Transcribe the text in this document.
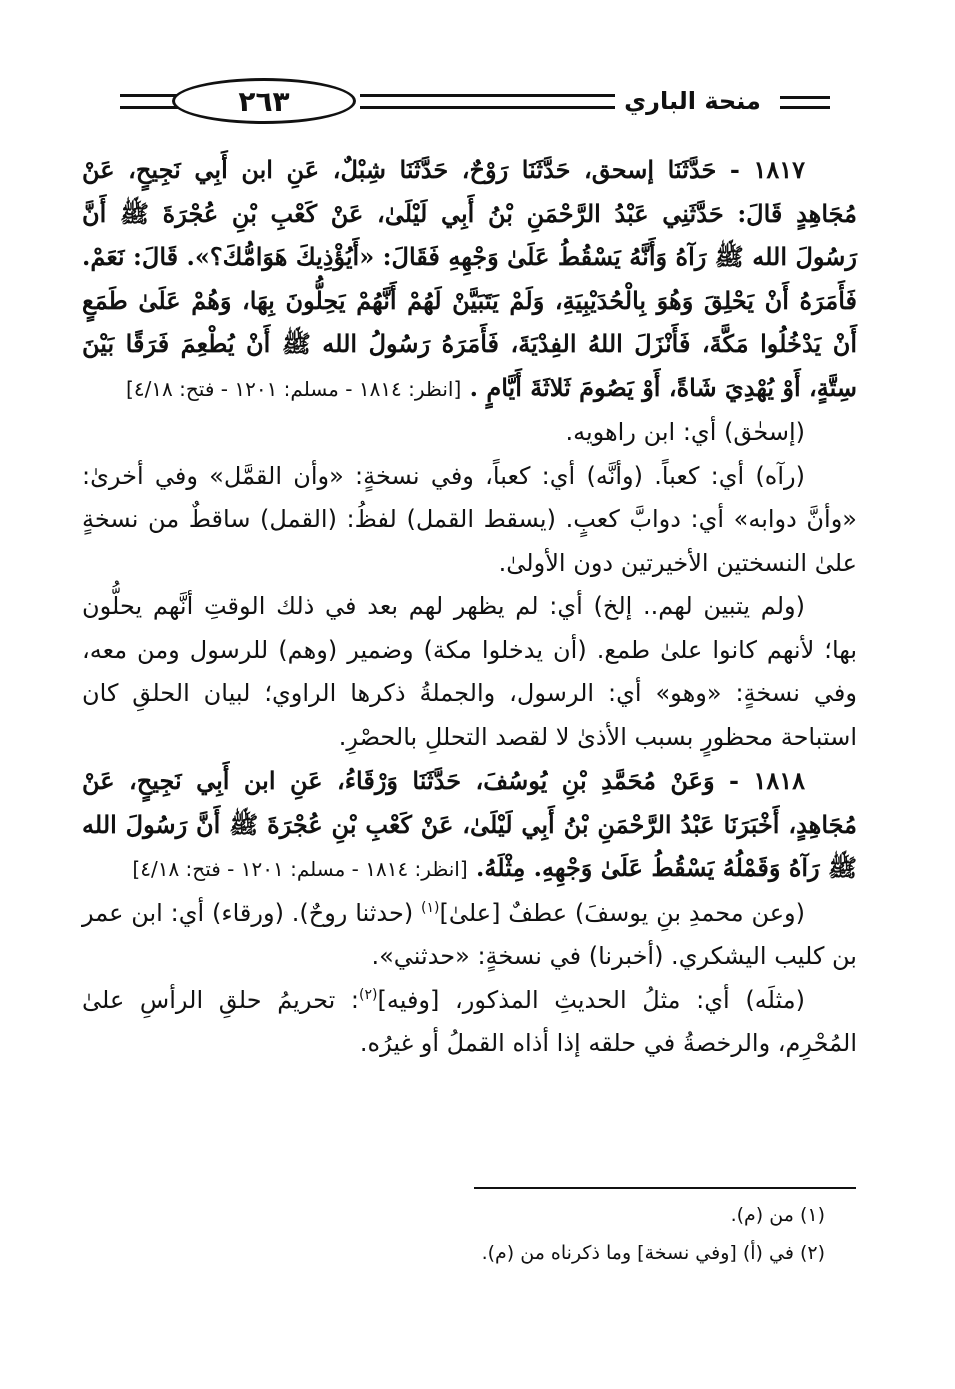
٢٦٣	منحة الباري

١٨١٧ - حَدَّثَنَا إسحق، حَدَّثَنَا رَوْحٌ، حَدَّثَنَا شِبْلٌ، عَنِ ابن أَبِي نَجِيحٍ، عَنْ مُجَاهِدٍ قَالَ: حَدَّثَنِي عَبْدُ الرَّحْمَنِ بْنُ أَبِي لَيْلَىٰ، عَنْ كَعْبِ بْنِ عُجْرَةَ ﷺ أَنَّ رَسُولَ الله ﷺ رَآهُ وَأَنَّهُ يَسْقُطُ عَلَىٰ وَجْهِهِ فَقَالَ: «أَيُؤْذِيكَ هَوَامُّكَ؟». قَالَ: نَعَمْ. فَأَمَرَهُ أَنْ يَحْلِقَ وَهُوَ بِالْحُدَيْبِيَةِ، وَلَمْ يَتَبَيَّنْ لَهُمْ أَنَّهُمْ يَحِلُّونَ بِهَا، وَهُمْ عَلَىٰ طَمَعٍ أَنْ يَدْخُلُوا مَكَّةَ، فَأَنْزَلَ اللهُ الفِدْيَةَ، فَأَمَرَهُ رَسُولُ الله ﷺ أَنْ يُطْعِمَ فَرَقًا بَيْنَ سِتَّةٍ، أَوْ يُهْدِيَ شَاةً، أَوْ يَصُومَ ثَلاثَةَ أَيَّامٍ . [انظر: ١٨١٤ - مسلم: ١٢٠١ - فتح: ٤/١٨]

(إسحٰق) أي: ابن راهويه.

(رآه) أي: كعباً. (وأنَّه) أي: كعباً، وفي نسخةٍ: «وأن القمَّل» وفي أخرىٰ: «وأنَّ دوابه» أي: دوابَّ كعبٍ. (يسقط القمل) لفظُ: (القمل) ساقطٌ من نسخةٍ علىٰ النسختين الأخيرتين دون الأولىٰ.

(ولم يتبين لهم.. إلخ) أي: لم يظهر لهم بعد في ذلك الوقتِ أنَّهم يحلُّون بها؛ لأنهم كانوا علىٰ طمع. (أن يدخلوا مكة) وضمير (وهم) للرسول ومن معه، وفي نسخةٍ: «وهو» أي: الرسول، والجملةُ ذكرها الراوي؛ لبيان الحلقِ كان استباحة محظورٍ بسبب الأذىٰ لا لقصد التحللِ بالحصْرِ.

١٨١٨ - وَعَنْ مُحَمَّدِ بْنِ يُوسُفَ، حَدَّثَنَا وَرْقَاءُ، عَنِ ابن أَبِي نَجِيحٍ، عَنْ مُجَاهِدٍ، أَخْبَرَنَا عَبْدُ الرَّحْمَنِ بْنُ أَبِي لَيْلَىٰ، عَنْ كَعْبِ بْنِ عُجْرَةَ ﷺ أَنَّ رَسُولَ الله ﷺ رَآهُ وَقَمْلُهُ يَسْقُطُ عَلَىٰ وَجْهِهِ. مِثْلَهُ. [انظر: ١٨١٤ - مسلم: ١٢٠١ - فتح: ٤/١٨]

(وعن محمدِ بنِ يوسفَ) عطفٌ [علىٰ]$^{(١)}$ (حدثنا روحٌ). (ورقاء) أي: ابن عمر بن كليب اليشكري. (أخبرنا) في نسخةٍ: «حدثني».

(مثلَه) أي: مثلُ الحديثِ المذكور، [وفيه]$^{(٢)}$: تحريمُ حلقِ الرأسِ علىٰ المُحْرِم، والرخصةُ في حلقه إذا أذاه القملُ أو غيرُه.

(١) من (م).

(٢) في (أ) [وفي نسخة] وما ذكرناه من (م).
